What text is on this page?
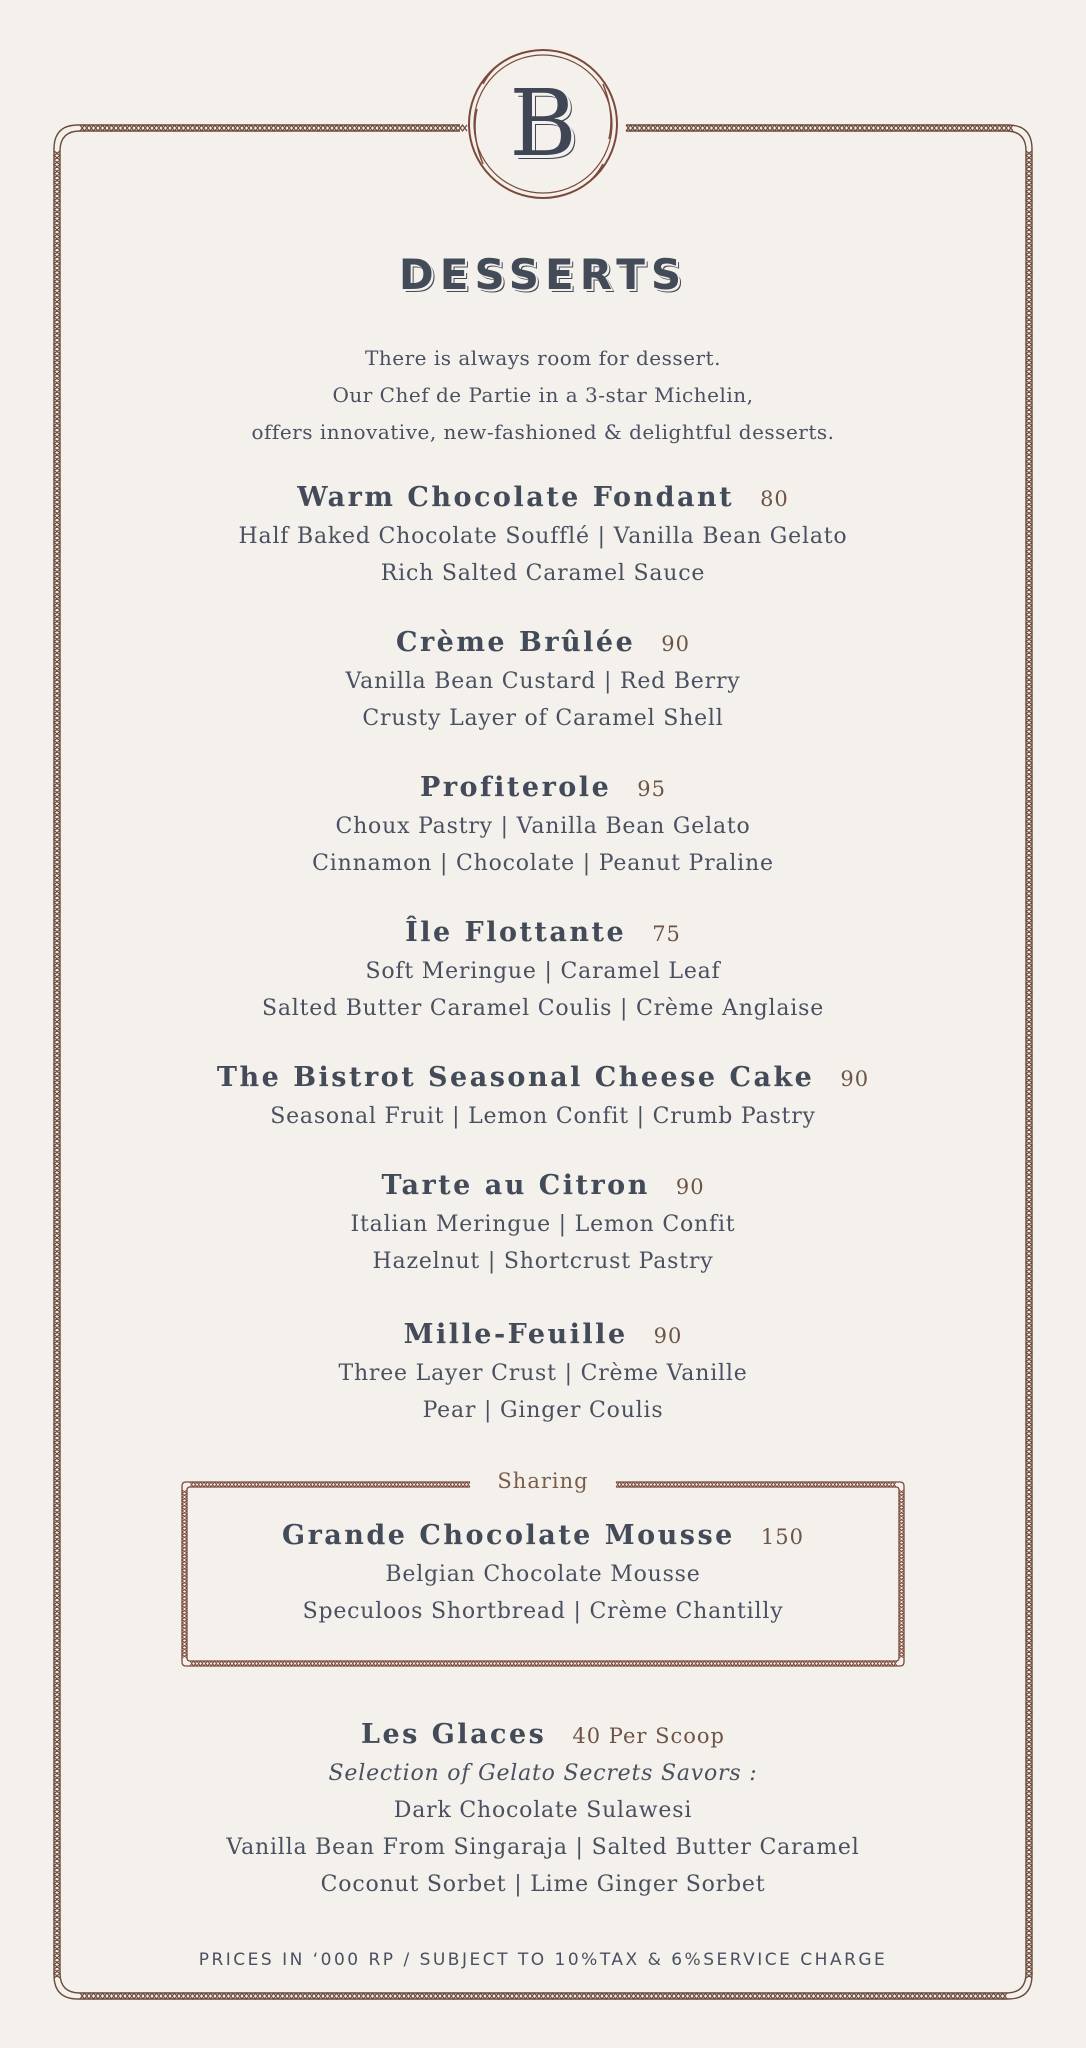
B
DESSERTS
There is always room for dessert.
Our Chef de Partie in a 3-star Michelin,
offers innovative, new-fashioned & delightful desserts.
Warm Chocolate Fondant 80
Half Baked Chocolate Soufflé | Vanilla Bean Gelato
Rich Salted Caramel Sauce
Crème Brûlée 90
Vanilla Bean Custard | Red Berry
Crusty Layer of Caramel Shell
Profiterole 95
Choux Pastry | Vanilla Bean Gelato
Cinnamon | Chocolate | Peanut Praline
Île Flottante 75
Soft Meringue | Caramel Leaf
Salted Butter Caramel Coulis | Crème Anglaise
The Bistrot Seasonal Cheese Cake 90
Seasonal Fruit | Lemon Confit | Crumb Pastry
Tarte au Citron 90
Italian Meringue | Lemon Confit
Hazelnut | Shortcrust Pastry
Mille-Feuille 90
Three Layer Crust | Crème Vanille
Pear | Ginger Coulis
Sharing
Grande Chocolate Mousse 150
Belgian Chocolate Mousse
Speculoos Shortbread | Crème Chantilly
Les Glaces 40 Per Scoop
Selection of Gelato Secrets Savors :
Dark Chocolate Sulawesi
Vanilla Bean From Singaraja | Salted Butter Caramel
Coconut Sorbet | Lime Ginger Sorbet
PRICES IN ‘000 RP / SUBJECT TO 10%TAX & 6%SERVICE CHARGE
